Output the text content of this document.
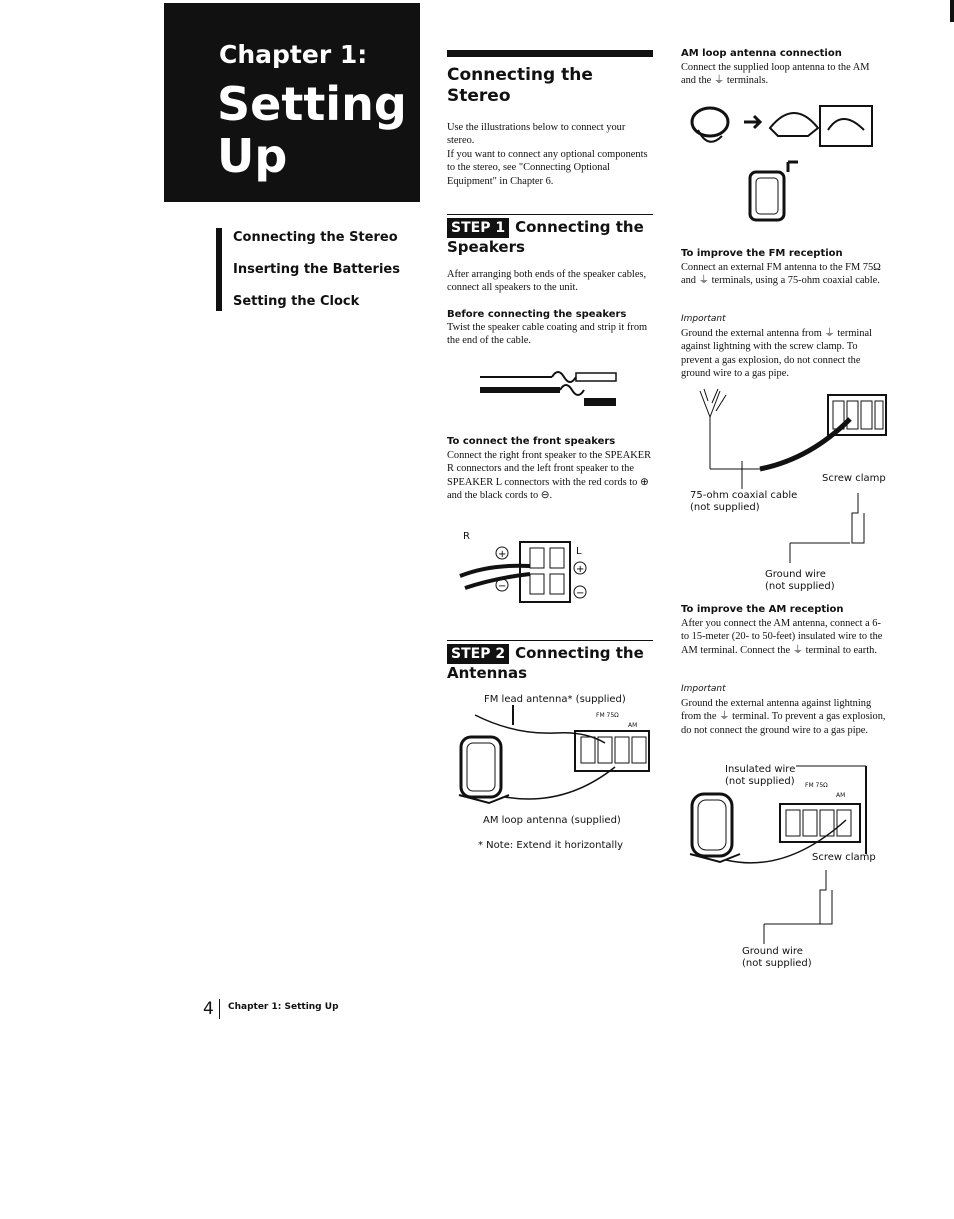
Chapter 1:
Setting Up
Connecting the Stereo
Inserting the Batteries
Setting the Clock
Connecting the Stereo
Use the illustrations below to connect your stereo.
If you want to connect any optional components to the stereo, see "Connecting Optional Equipment" in Chapter 6.
STEP 1 Connecting the Speakers
After arranging both ends of the speaker cables, connect all speakers to the unit.
Before connecting the speakers
Twist the speaker cable coating and strip it from the end of the cable.
To connect the front speakers
Connect the right front speaker to the SPEAKER R connectors and the left front speaker to the SPEAKER L connectors with the red cords to ⊕ and the black cords to ⊖.
R
L
+
−
+
−
STEP 2 Connecting the Antennas
FM lead antenna* (supplied)
FM 75Ω
AM
AM loop antenna (supplied)
* Note: Extend it horizontally
AM loop antenna connection
Connect the supplied loop antenna to the AM and the ⏚ terminals.
To improve the FM reception
Connect an external FM antenna to the FM 75Ω and ⏚ terminals, using a 75-ohm coaxial cable.
Important
Ground the external antenna from ⏚ terminal against lightning with the screw clamp. To prevent a gas explosion, do not connect the ground wire to a gas pipe.
Screw clamp
75-ohm coaxial cable
(not supplied)
Ground wire
(not supplied)
To improve the AM reception
After you connect the AM antenna, connect a 6- to 15-meter (20- to 50-feet) insulated wire to the AM terminal. Connect the ⏚ terminal to earth.
Important
Ground the external antenna against lightning from the ⏚ terminal. To prevent a gas explosion, do not connect the ground wire to a gas pipe.
Insulated wire
(not supplied) FM 75Ω
AM
Screw clamp
Ground wire
(not supplied)
4 Chapter 1: Setting Up
